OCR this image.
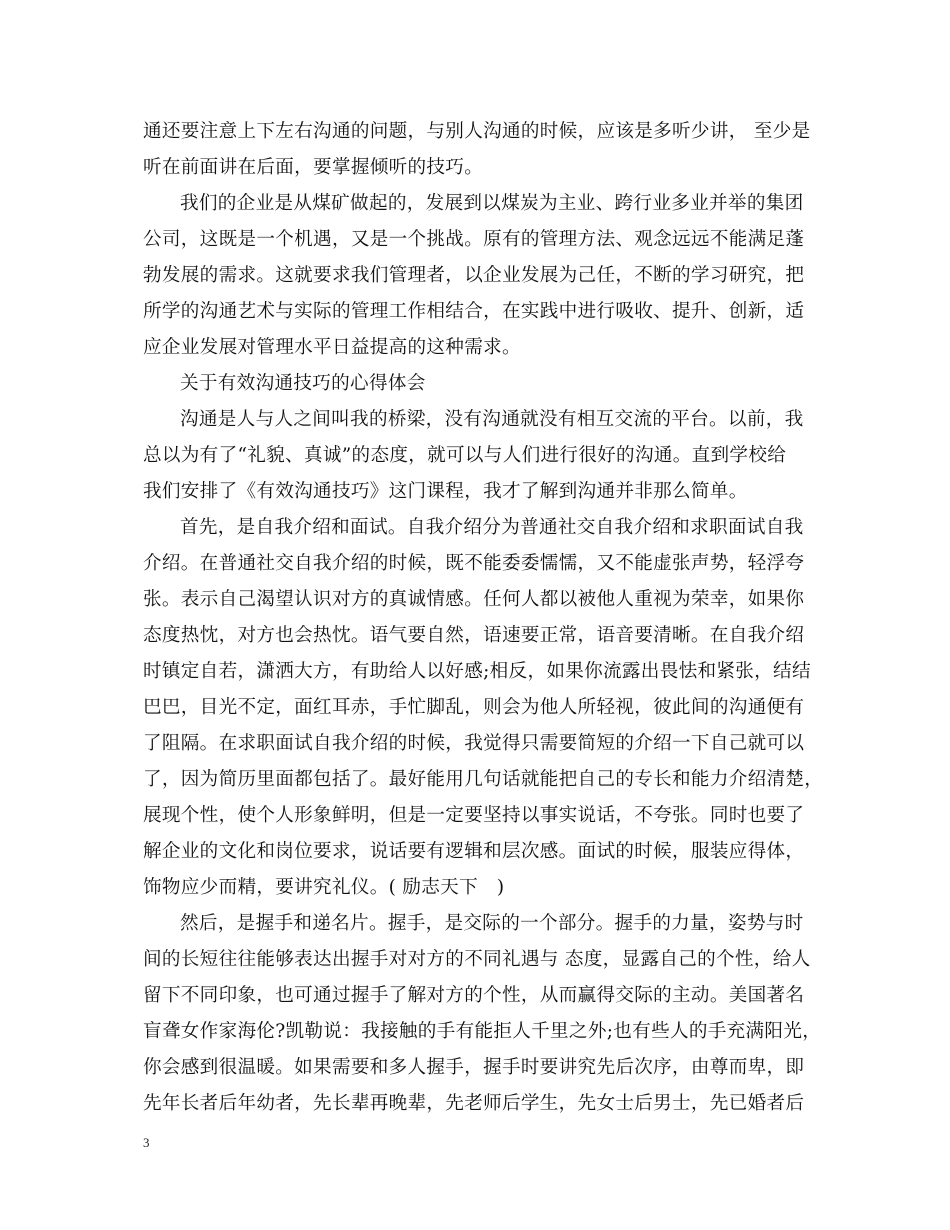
通还要注意上下左右沟通的问题，与别人沟通的时候，应该是多听少讲， 至少是
听在前面讲在后面，要掌握倾听的技巧。
我们的企业是从煤矿做起的，发展到以煤炭为主业、跨行业多业并举的集团
公司，这既是一个机遇，又是一个挑战。原有的管理方法、观念远远不能满足蓬
勃发展的需求。这就要求我们管理者，以企业发展为己任，不断的学习研究，把
所学的沟通艺术与实际的管理工作相结合，在实践中进行吸收、提升、创新，适
应企业发展对管理水平日益提高的这种需求。
关于有效沟通技巧的心得体会
沟通是人与人之间叫我的桥梁，没有沟通就没有相互交流的平台。以前，我
总以为有了“礼貌、真诚”的态度，就可以与人们进行很好的沟通。直到学校给
我们安排了《有效沟通技巧》这门课程，我才了解到沟通并非那么简单。
首先，是自我介绍和面试。自我介绍分为普通社交自我介绍和求职面试自我
介绍。在普通社交自我介绍的时候，既不能委委懦懦，又不能虚张声势，轻浮夸
张。表示自己渴望认识对方的真诚情感。任何人都以被他人重视为荣幸，如果你
态度热忱，对方也会热忱。语气要自然，语速要正常，语音要清晰。在自我介绍
时镇定自若，潇洒大方，有助给人以好感;相反，如果你流露出畏怯和紧张，结结
巴巴，目光不定，面红耳赤，手忙脚乱，则会为他人所轻视，彼此间的沟通便有
了阻隔。在求职面试自我介绍的时候，我觉得只需要简短的介绍一下自己就可以
了，因为简历里面都包括了。最好能用几句话就能把自己的专长和能力介绍清楚，
展现个性，使个人形象鲜明，但是一定要坚持以事实说话，不夸张。同时也要了
解企业的文化和岗位要求，说话要有逻辑和层次感。面试的时候，服装应得体，
饰物应少而精，要讲究礼仪。( 励志天下　)
然后，是握手和递名片。握手，是交际的一个部分。握手的力量，姿势与时
间的长短往往能够表达出握手对对方的不同礼遇与 态度，显露自己的个性，给人
留下不同印象，也可通过握手了解对方的个性，从而赢得交际的主动。美国著名
盲聋女作家海伦?凯勒说：我接触的手有能拒人千里之外;也有些人的手充满阳光，
你会感到很温暖。如果需要和多人握手，握手时要讲究先后次序，由尊而卑，即
先年长者后年幼者，先长辈再晚辈，先老师后学生，先女士后男士，先已婚者后
3
